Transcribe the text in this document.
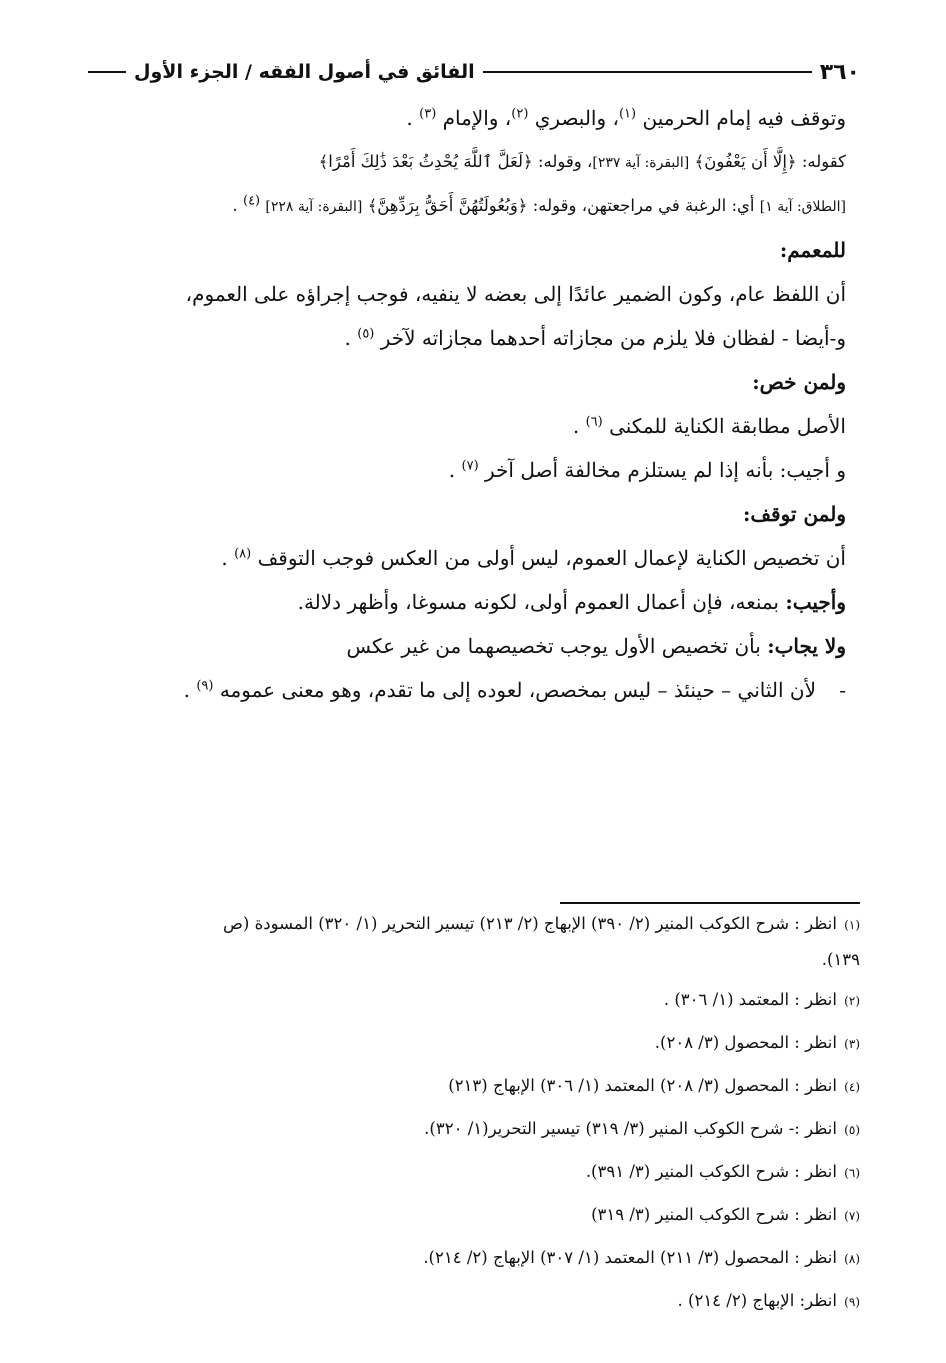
٣٦٠
الفائق في أصول الفقه / الجزء الأول

وتوقف فيه إمام الحرمين $^{(١)}$، والبصري $^{(٢)}$، والإمام $^{(٣)}$ .

كقوله: ﴿إِلَّا أَن يَعْفُونَ﴾ [البقرة: آية ٢٣٧]، وقوله: ﴿لَعَلَّ ٱللَّهَ يُحْدِثُ بَعْدَ ذَٰلِكَ أَمْرًا﴾

[الطلاق: آية ١] أي: الرغبة في مراجعتهن، وقوله: ﴿وَبُعُولَتُهُنَّ أَحَقُّ بِرَدِّهِنَّ﴾ [البقرة: آية ٢٢٨] $^{(٤)}$ .

للمعمم:

أن اللفظ عام، وكون الضمير عائدًا إلى بعضه لا ينفيه، فوجب إجراؤه على العموم،

و-أيضا - لفظان فلا يلزم من مجازاته أحدهما مجازاته لآخر $^{(٥)}$ .

ولمن خص:

الأصل مطابقة الكناية للمكنى $^{(٦)}$ .

و أجيب: بأنه إذا لم يستلزم مخالفة أصل آخر $^{(٧)}$ .

ولمن توقف:

أن تخصيص الكناية لإعمال العموم، ليس أولى من العكس فوجب التوقف $^{(٨)}$ .

وأجيب: بمنعه، فإن أعمال العموم أولى، لكونه مسوغا، وأظهر دلالة.

ولا يجاب: بأن تخصيص الأول يوجب تخصيصهما من غير عكس

-لأن الثاني – حينئذ – ليس بمخصص، لعوده إلى ما تقدم، وهو معنى عمومه $^{(٩)}$ .

(١) انظر : شرح الكوكب المنير (٢/ ٣٩٠) الإبهاج (٢/ ٢١٣) تيسير التحرير (١/ ٣٢٠) المسودة (ص

١٣٩).

(٢) انظر : المعتمد (١/ ٣٠٦) .

(٣) انظر : المحصول (٣/ ٢٠٨).

(٤) انظر : المحصول (٣/ ٢٠٨) المعتمد (١/ ٣٠٦) الإبهاج (٢١٣)

(٥) انظر :- شرح الكوكب المنير (٣/ ٣١٩) تيسير التحرير(١/ ٣٢٠).

(٦) انظر : شرح الكوكب المنير (٣/ ٣٩١).

(٧) انظر : شرح الكوكب المنير (٣/ ٣١٩)

(٨) انظر : المحصول (٣/ ٢١١) المعتمد (١/ ٣٠٧) الإبهاج (٢/ ٢١٤).

(٩) انظر: الإبهاج (٢/ ٢١٤) .
